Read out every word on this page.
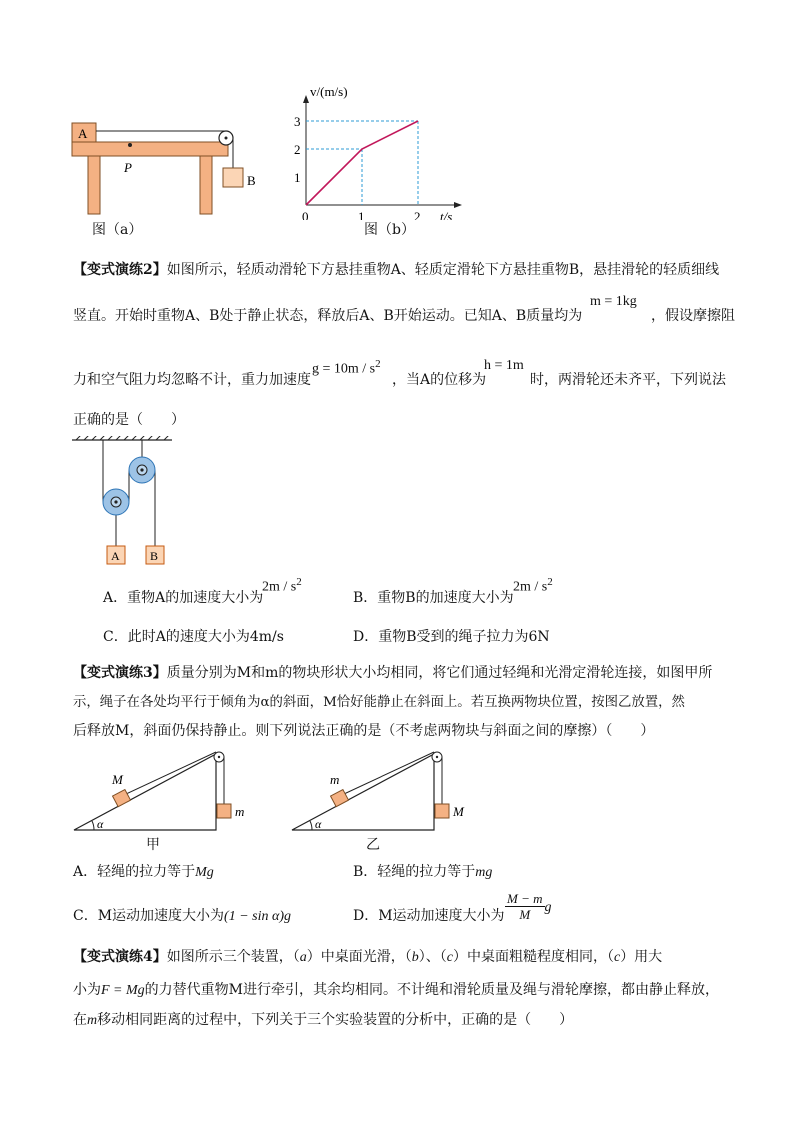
A
B
P
图（a）
1
2
3
0	1	2
v/(m/s)
t/s
图（b）
【变式演练2】如图所示，轻质动滑轮下方悬挂重物A、轻质定滑轮下方悬挂重物B，悬挂滑轮的轻质细线
竖直。开始时重物A、B处于静止状态，释放后A、B开始运动。已知A、B质量均为
m = 1kg
，假设摩擦阻
力和空气阻力均忽略不计，重力加速度
$g = 10m / s^2$
，当A的位移为
h = 1m
时，两滑轮还未齐平，下列说法
正确的是（　　）
A	B
A．重物A的加速度大小为
$2m / s^2$
B．重物B的加速度大小为
$2m / s^2$
C．此时A的速度大小为4m/s	D．重物B受到的绳子拉力为6N
【变式演练3】质量分别为M和m的物块形状大小均相同，将它们通过轻绳和光滑定滑轮连接，如图甲所
示，绳子在各处均平行于倾角为α的斜面，M恰好能静止在斜面上。若互换两物块位置，按图乙放置，然
后释放M，斜面仍保持静止。则下列说法正确的是（不考虑两物块与斜面之间的摩擦）（　　）
M
m
α
甲
m
M
α
乙
A．轻绳的拉力等于Mg	B．轻绳的拉力等于mg
C．M运动加速度大小为(1 − sin α)g	D．M运动加速度大小为 $\frac{M - m}{M}$ g
【变式演练4】如图所示三个装置，（a）中桌面光滑，（b）、（c）中桌面粗糙程度相同，（c）用大
小为F = Mg的力替代重物M进行牵引，其余均相同。不计绳和滑轮质量及绳与滑轮摩擦，都由静止释放，
在m移动相同距离的过程中，下列关于三个实验装置的分析中，正确的是（　　）
